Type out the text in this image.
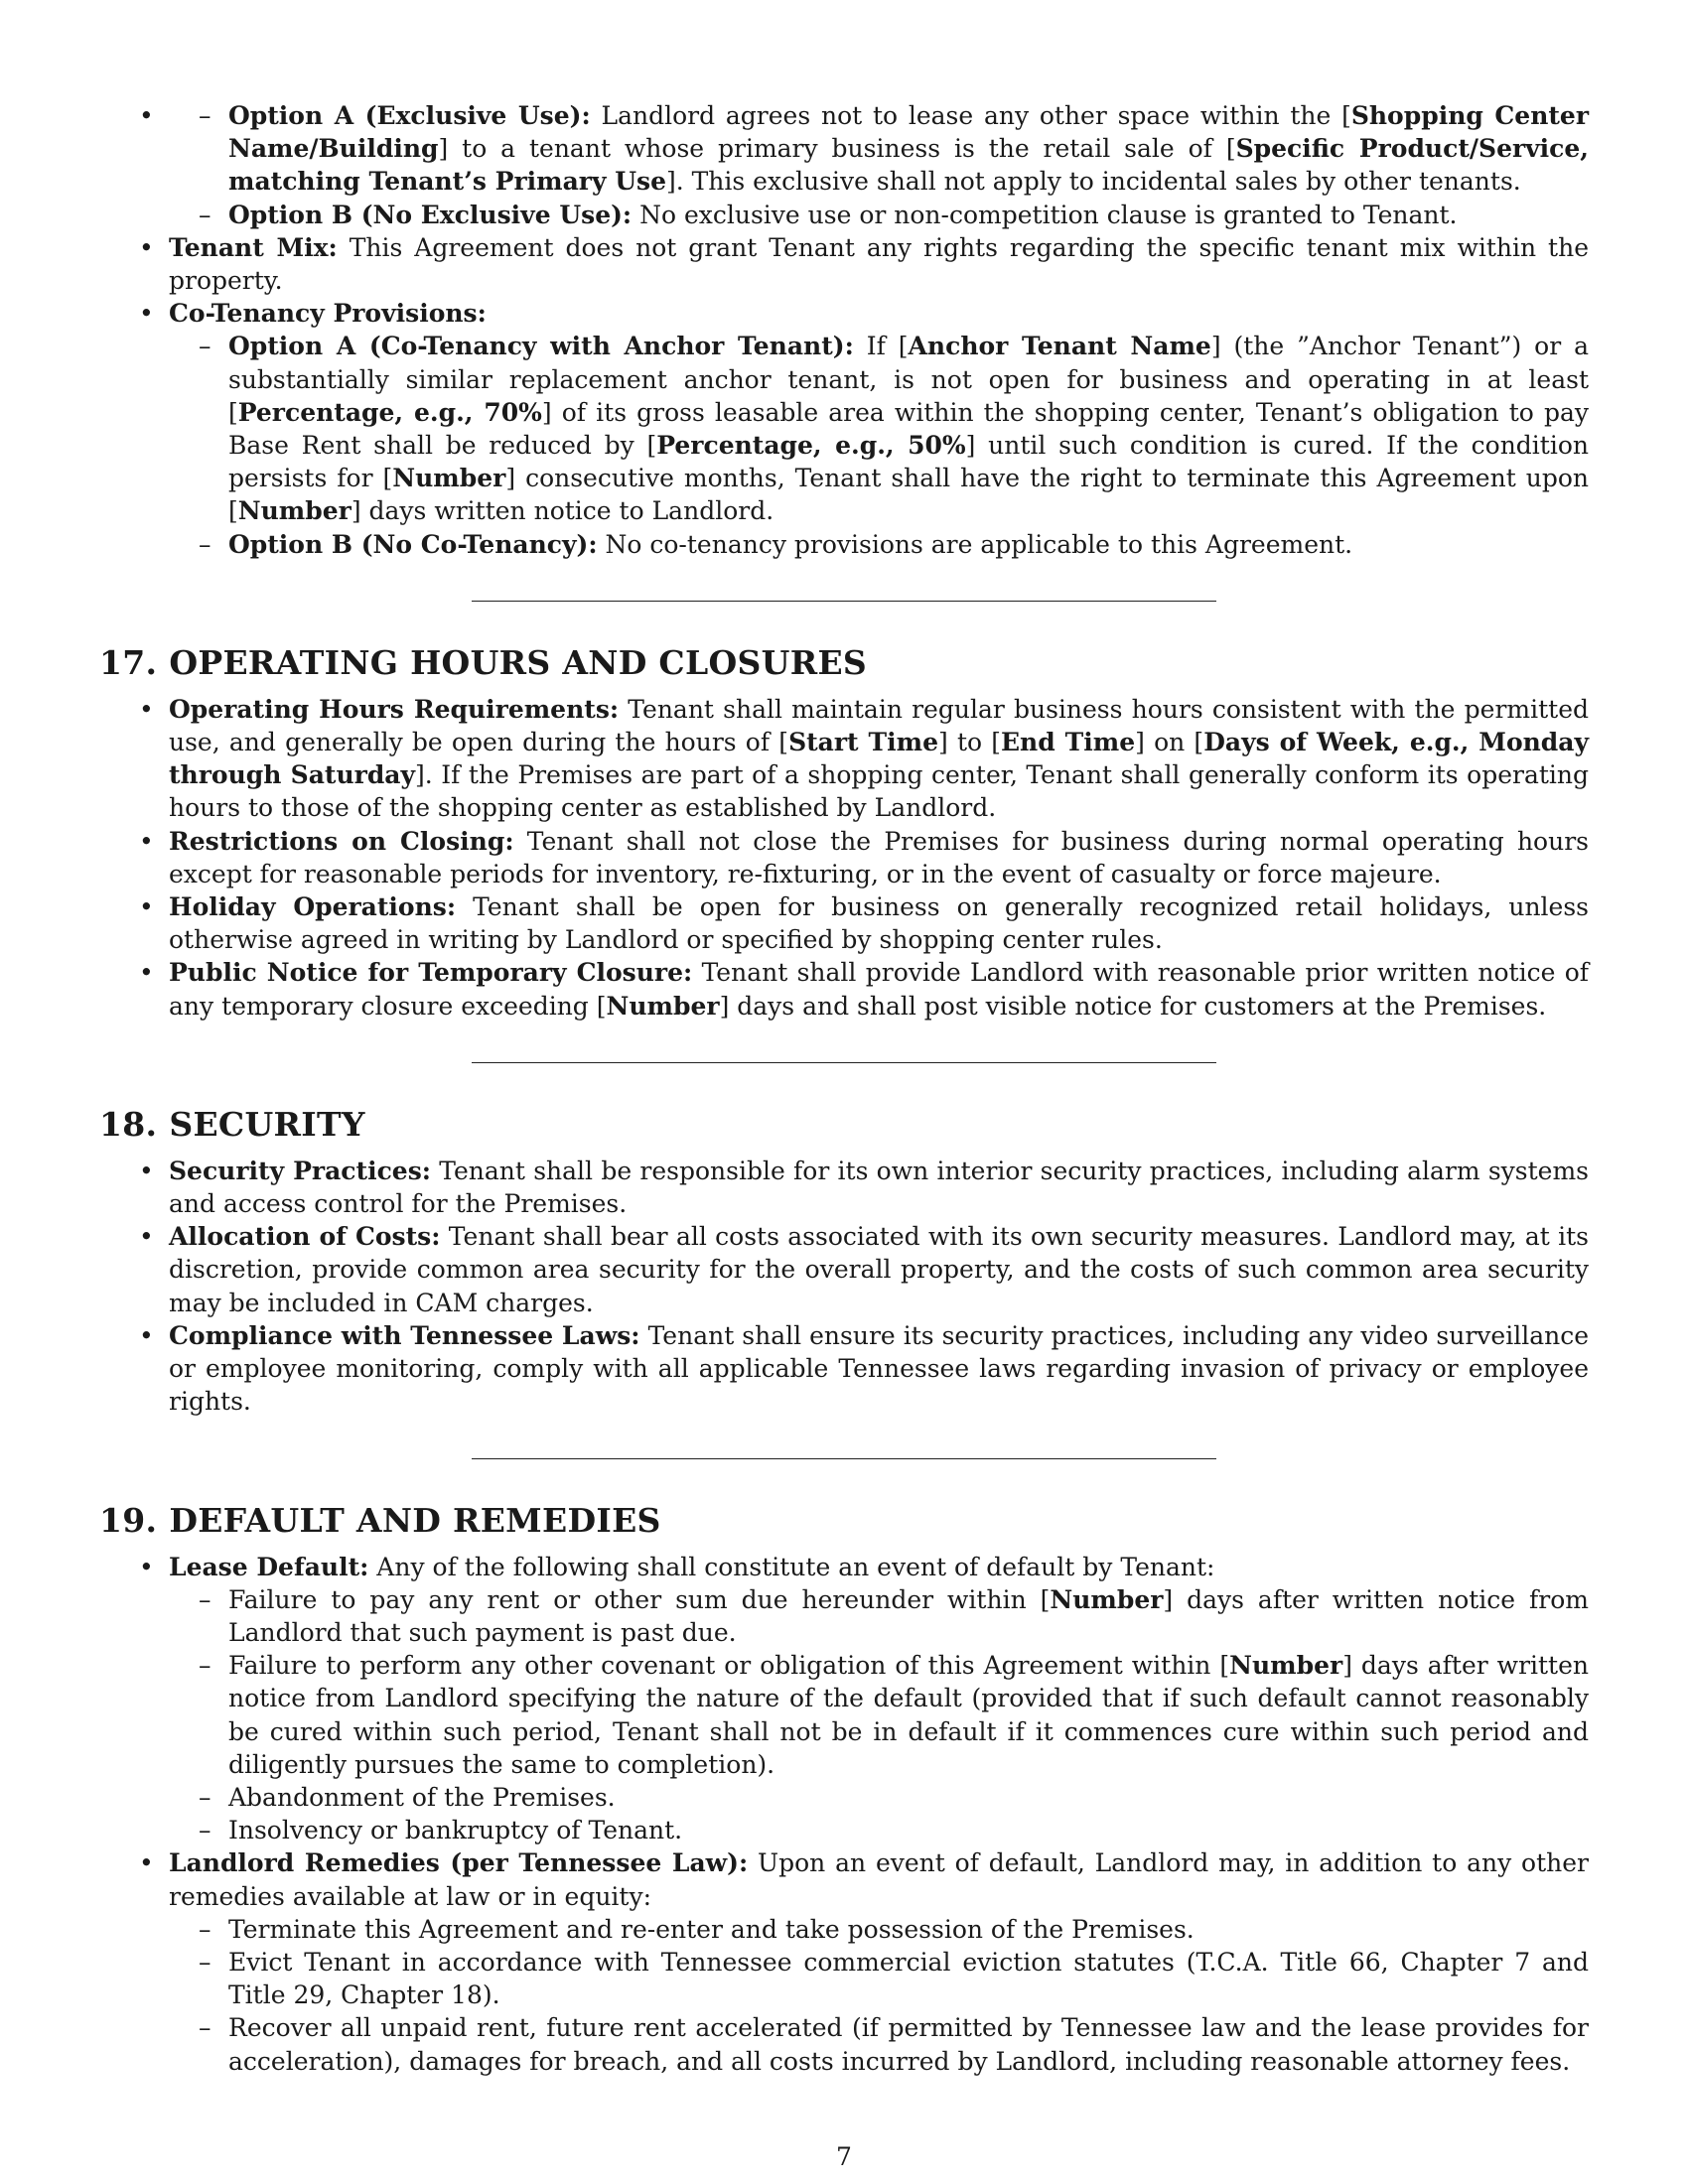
– • Option A (Exclusive Use): Landlord agrees not to lease any other space within the [Shopping Center Name/Building] to a tenant whose primary business is the retail sale of [Specific Product/Service, matching Tenant’s Primary Use]. This exclusive shall not apply to incidental sales by other tenants.
– Option B (No Exclusive Use): No exclusive use or non-competition clause is granted to Tenant.
• Tenant Mix: This Agreement does not grant Tenant any rights regarding the specific tenant mix within the property.
• Co-Tenancy Provisions:
– Option A (Co-Tenancy with Anchor Tenant): If [Anchor Tenant Name] (the ”Anchor Tenant”) or a substantially similar replacement anchor tenant, is not open for business and operating in at least [Percentage, e.g., 70%] of its gross leasable area within the shopping center, Tenant’s obligation to pay Base Rent shall be reduced by [Percentage, e.g., 50%] until such condition is cured. If the condition persists for [Number] consecutive months, Tenant shall have the right to terminate this Agreement upon [Number] days written notice to Landlord.
– Option B (No Co-Tenancy): No co-tenancy provisions are applicable to this Agreement.
17. OPERATING HOURS AND CLOSURES
• Operating Hours Requirements: Tenant shall maintain regular business hours consistent with the permitted use, and generally be open during the hours of [Start Time] to [End Time] on [Days of Week, e.g., Monday through Saturday]. If the Premises are part of a shopping center, Tenant shall generally conform its operating hours to those of the shopping center as established by Landlord.
• Restrictions on Closing: Tenant shall not close the Premises for business during normal operating hours except for reasonable periods for inventory, re-fixturing, or in the event of casualty or force majeure.
• Holiday Operations: Tenant shall be open for business on generally recognized retail holidays, unless otherwise agreed in writing by Landlord or specified by shopping center rules.
• Public Notice for Temporary Closure: Tenant shall provide Landlord with reasonable prior written notice of any temporary closure exceeding [Number] days and shall post visible notice for customers at the Premises.
18. SECURITY
• Security Practices: Tenant shall be responsible for its own interior security practices, including alarm systems and access control for the Premises.
• Allocation of Costs: Tenant shall bear all costs associated with its own security measures. Landlord may, at its discretion, provide common area security for the overall property, and the costs of such common area security may be included in CAM charges.
• Compliance with Tennessee Laws: Tenant shall ensure its security practices, including any video surveillance or employee monitoring, comply with all applicable Tennessee laws regarding invasion of privacy or employee rights.
19. DEFAULT AND REMEDIES
• Lease Default: Any of the following shall constitute an event of default by Tenant:
– Failure to pay any rent or other sum due hereunder within [Number] days after written notice from Landlord that such payment is past due.
– Failure to perform any other covenant or obligation of this Agreement within [Number] days after written notice from Landlord specifying the nature of the default (provided that if such default cannot reasonably be cured within such period, Tenant shall not be in default if it commences cure within such period and diligently pursues the same to completion).
– Abandonment of the Premises.
– Insolvency or bankruptcy of Tenant.
• Landlord Remedies (per Tennessee Law): Upon an event of default, Landlord may, in addition to any other remedies available at law or in equity:
– Terminate this Agreement and re-enter and take possession of the Premises.
– Evict Tenant in accordance with Tennessee commercial eviction statutes (T.C.A. Title 66, Chapter 7 and Title 29, Chapter 18).
– Recover all unpaid rent, future rent accelerated (if permitted by Tennessee law and the lease provides for acceleration), damages for breach, and all costs incurred by Landlord, including reasonable attorney fees.
7
